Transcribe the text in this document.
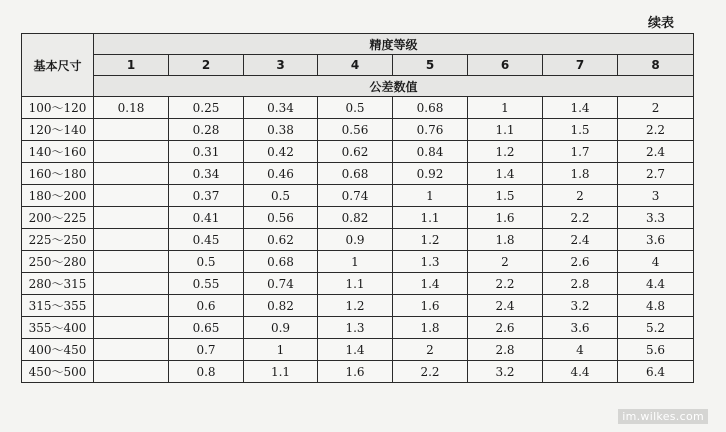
续表
基本尺寸	精度等级							
	1	2	3	4	5	6	7	8
	公差数值							
100～120	0.18	0.25	0.34	0.5	0.68	1	1.4	2
120～140		0.28	0.38	0.56	0.76	1.1	1.5	2.2
140～160		0.31	0.42	0.62	0.84	1.2	1.7	2.4
160～180		0.34	0.46	0.68	0.92	1.4	1.8	2.7
180～200		0.37	0.5	0.74	1	1.5	2	3
200～225		0.41	0.56	0.82	1.1	1.6	2.2	3.3
225～250		0.45	0.62	0.9	1.2	1.8	2.4	3.6
250～280		0.5	0.68	1	1.3	2	2.6	4
280～315		0.55	0.74	1.1	1.4	2.2	2.8	4.4
315～355		0.6	0.82	1.2	1.6	2.4	3.2	4.8
355～400		0.65	0.9	1.3	1.8	2.6	3.6	5.2
400～450		0.7	1	1.4	2	2.8	4	5.6
450～500		0.8	1.1	1.6	2.2	3.2	4.4	6.4
im.wilkes.com
